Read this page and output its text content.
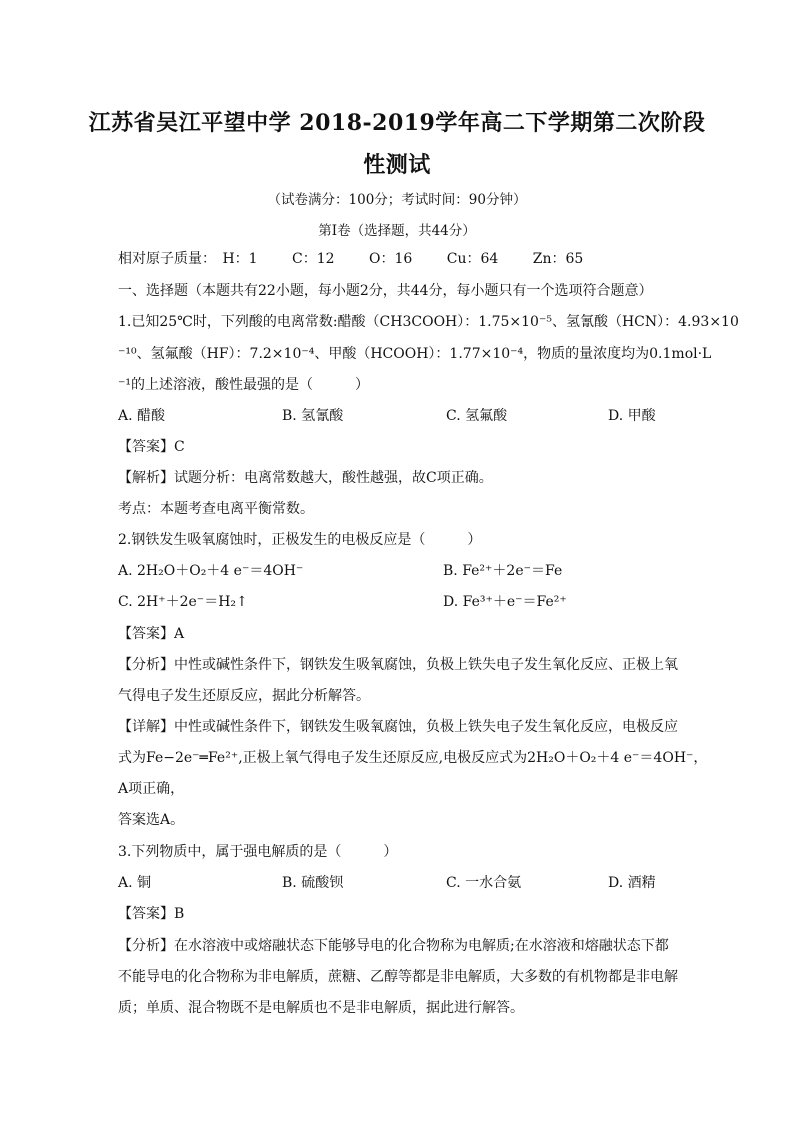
江苏省吴江平望中学 2018-2019学年高二下学期第二次阶段
性测试
（试卷满分：100分；考试时间：90分钟）
第I卷（选择题，共44分）
相对原子质量： H：1 C：12 O：16 Cu：64 Zn：65
一、选择题（本题共有22小题，每小题2分，共44分，每小题只有一个选项符合题意）
1.已知25℃时，下列酸的电离常数:醋酸（CH3COOH）：1.75×10⁻⁵、氢氰酸（HCN）：4.93×10
⁻¹⁰、氢氟酸（HF）：7.2×10⁻⁴、甲酸（HCOOH）：1.77×10⁻⁴，物质的量浓度均为0.1mol·L
⁻¹的上述溶液，酸性最强的是（　　　）
A. 醋酸	B. 氢氰酸	C. 氢氟酸	D. 甲酸
【答案】C
【解析】试题分析：电离常数越大，酸性越强，故C项正确。
考点：本题考查电离平衡常数。
2.钢铁发生吸氧腐蚀时，正极发生的电极反应是（　　　）
A. 2H₂O＋O₂＋4 e⁻＝4OH⁻	B. Fe²⁺＋2e⁻＝Fe
C. 2H⁺＋2e⁻＝H₂↑	D. Fe³⁺＋e⁻＝Fe²⁺
【答案】A
【分析】中性或碱性条件下，钢铁发生吸氧腐蚀，负极上铁失电子发生氧化反应、正极上氧
气得电子发生还原反应，据此分析解答。
【详解】中性或碱性条件下，钢铁发生吸氧腐蚀，负极上铁失电子发生氧化反应，电极反应
式为Fe−2e⁻═Fe²⁺,正极上氧气得电子发生还原反应,电极反应式为2H₂O＋O₂＋4 e⁻＝4OH⁻，
A项正确，
答案选A。
3.下列物质中，属于强电解质的是（　　　）
A. 铜	B. 硫酸钡	C. 一水合氨	D. 酒精
【答案】B
【分析】在水溶液中或熔融状态下能够导电的化合物称为电解质;在水溶液和熔融状态下都
不能导电的化合物称为非电解质，蔗糖、乙醇等都是非电解质，大多数的有机物都是非电解
质；单质、混合物既不是电解质也不是非电解质，据此进行解答。
